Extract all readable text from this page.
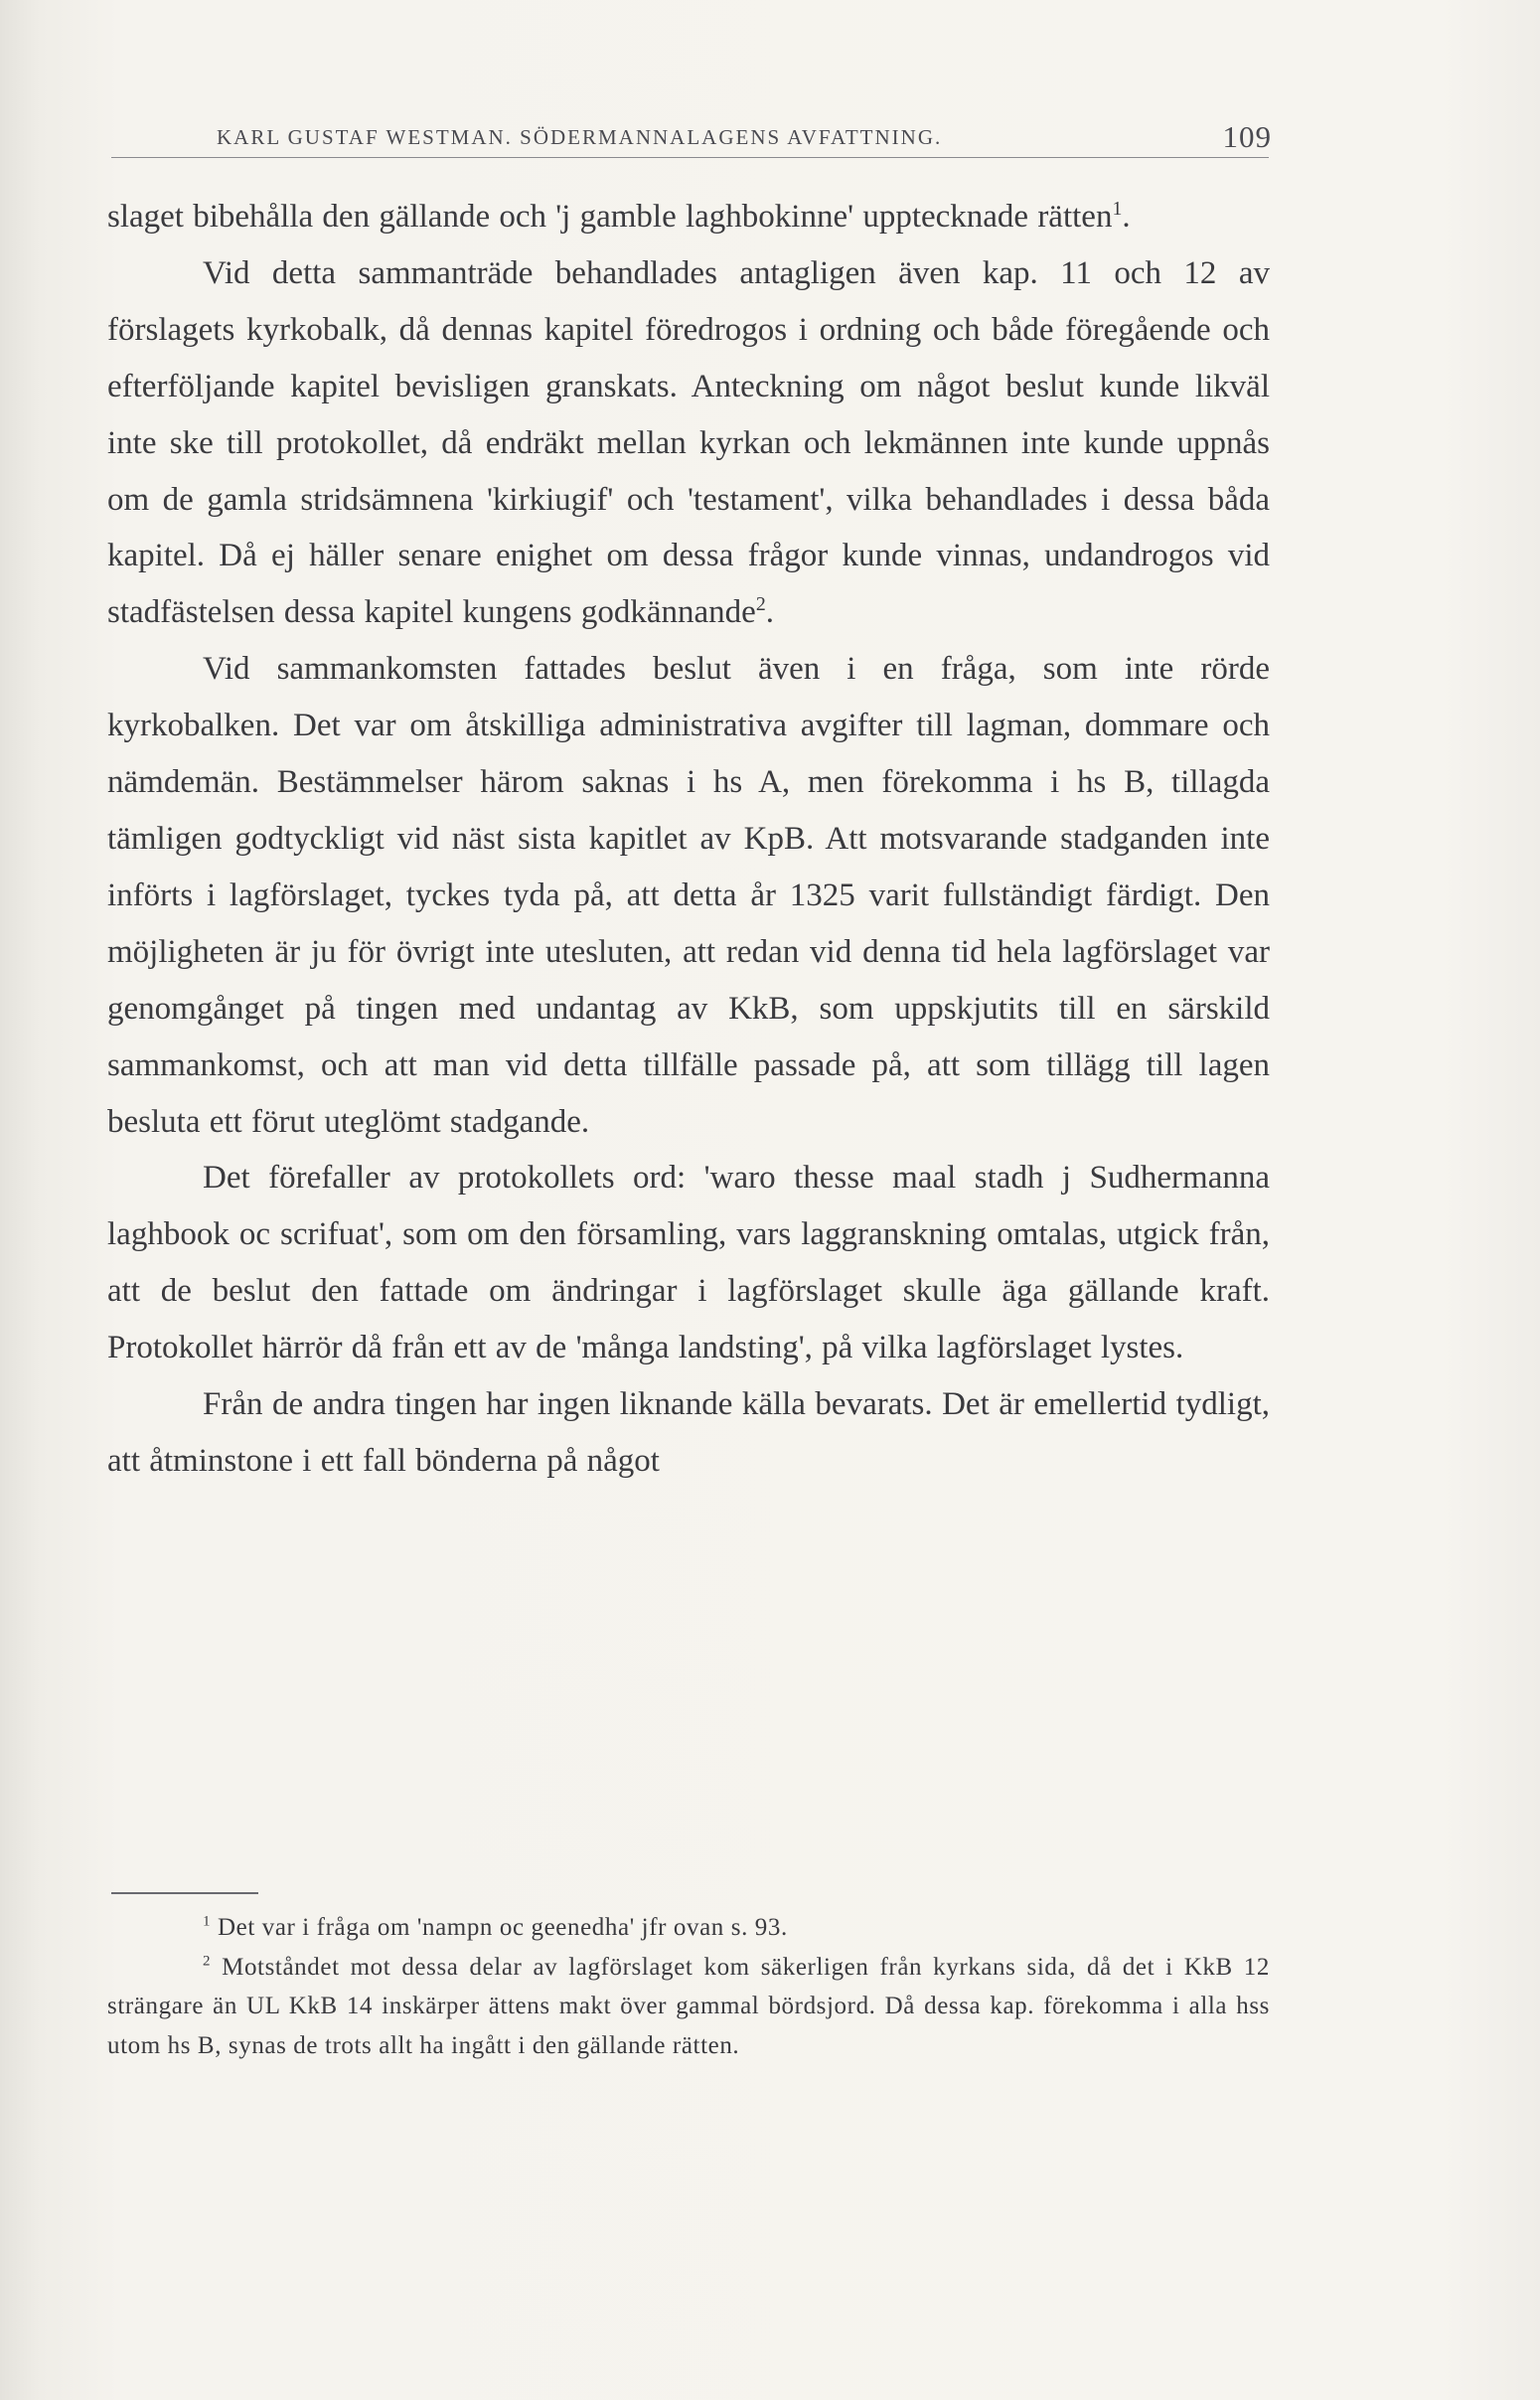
KARL GUSTAF WESTMAN. SÖDERMANNALAGENS AVFATTNING.	109

slaget bibehålla den gällande och 'j gamble laghbokinne' upptecknade rätten$^1$.

Vid detta sammanträde behandlades antagligen även kap. 11 och 12 av förslagets kyrkobalk, då dennas kapitel föredrogos i ordning och både föregående och efterföljande kapitel bevisligen granskats. Anteckning om något beslut kunde likväl inte ske till protokollet, då endräkt mellan kyrkan och lekmännen inte kunde uppnås om de gamla stridsämnena 'kirkiugif' och 'testament', vilka behandlades i dessa båda kapitel. Då ej häller senare enighet om dessa frågor kunde vinnas, undandrogos vid stadfästelsen dessa kapitel kungens godkännande$^2$.

Vid sammankomsten fattades beslut även i en fråga, som inte rörde kyrkobalken. Det var om åtskilliga administrativa avgifter till lagman, dommare och nämdemän. Bestämmelser härom saknas i hs A, men förekomma i hs B, tillagda tämligen godtyckligt vid näst sista kapitlet av KpB. Att motsvarande stadganden inte införts i lagförslaget, tyckes tyda på, att detta år 1325 varit fullständigt färdigt. Den möjligheten är ju för övrigt inte utesluten, att redan vid denna tid hela lagförslaget var genomgånget på tingen med undantag av KkB, som uppskjutits till en särskild sammankomst, och att man vid detta tillfälle passade på, att som tillägg till lagen besluta ett förut uteglömt stadgande.

Det förefaller av protokollets ord: 'waro thesse maal stadh j Sudhermanna laghbook oc scrifuat', som om den församling, vars laggranskning omtalas, utgick från, att de beslut den fattade om ändringar i lagförslaget skulle äga gällande kraft. Protokollet härrör då från ett av de 'många landsting', på vilka lagförslaget lystes.

Från de andra tingen har ingen liknande källa bevarats. Det är emellertid tydligt, att åtminstone i ett fall bönderna på något

$^1$ Det var i fråga om 'nampn oc geenedha' jfr ovan s. 93.

$^2$ Motståndet mot dessa delar av lagförslaget kom säkerligen från kyrkans sida, då det i KkB 12 strängare än UL KkB 14 inskärper ättens makt över gammal bördsjord. Då dessa kap. förekomma i alla hss utom hs B, synas de trots allt ha ingått i den gällande rätten.
